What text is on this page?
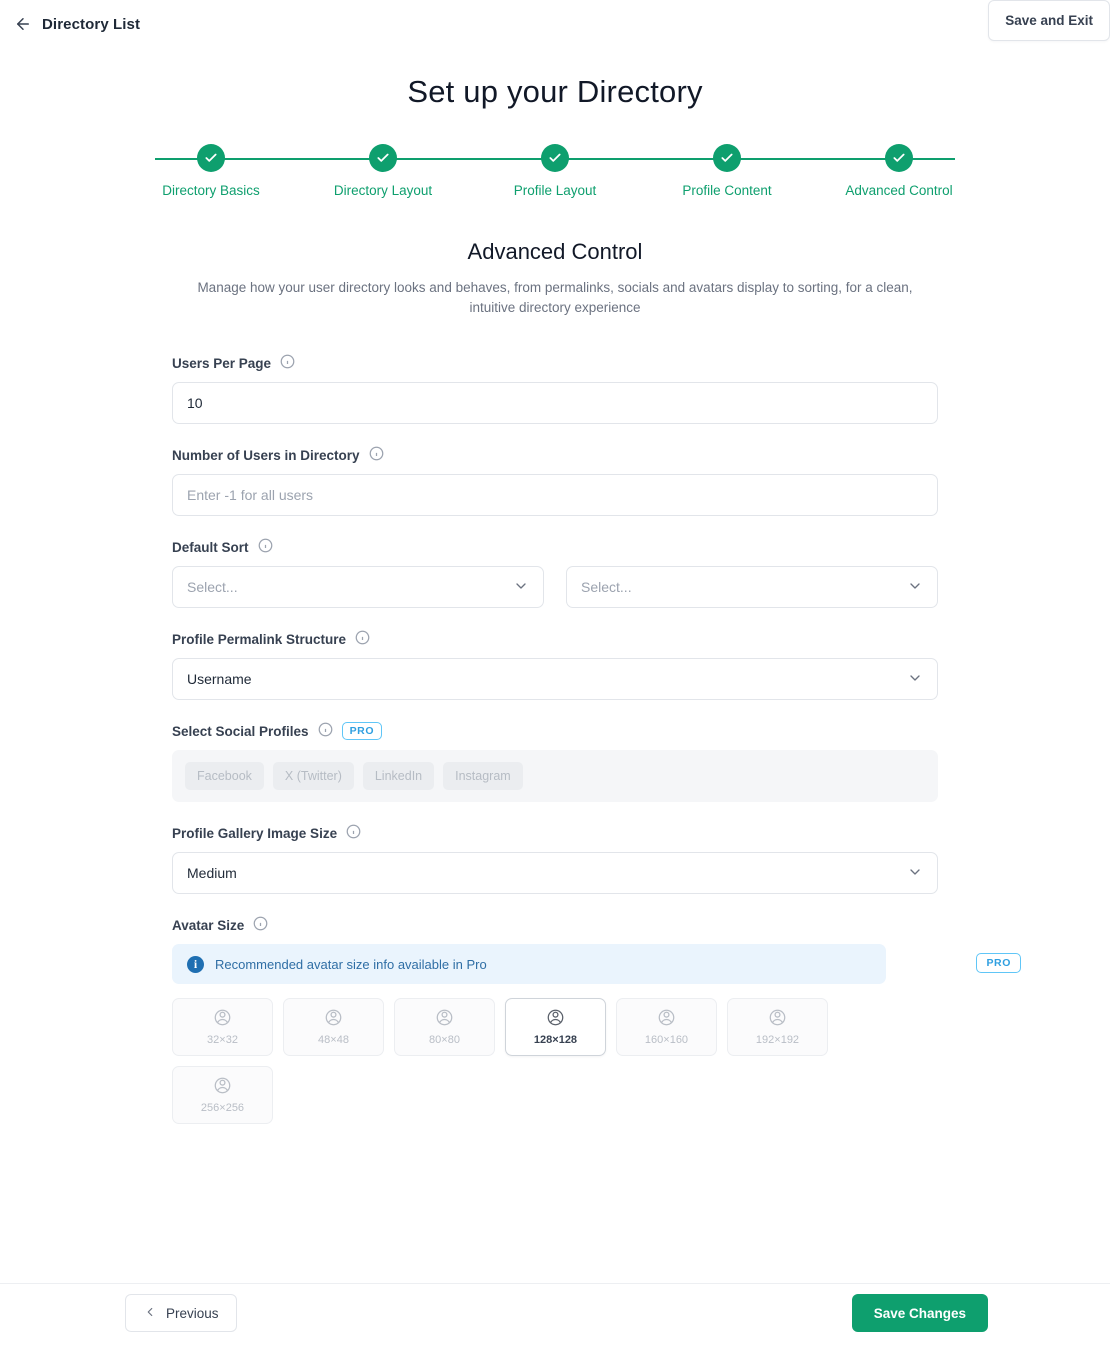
Directory List	Save and Exit
Set up your Directory
Directory Basics	Directory Layout	Profile Layout	Profile Content	Advanced Control
Advanced Control
Manage how your user directory looks and behaves, from permalinks, socials and avatars display to sorting, for a clean, intuitive directory experience
Users Per Page
10
Number of Users in Directory
Enter -1 for all users
Default Sort
Select...	Select...
Profile Permalink Structure
Username
Select Social Profiles	PRO
Facebook	X (Twitter)	LinkedIn	Instagram
Profile Gallery Image Size
Medium
Avatar Size
i	Recommended avatar size info available in Pro	PRO
32×32	48×48	80×80	128×128	160×160	192×192
256×256
Previous	Save Changes
